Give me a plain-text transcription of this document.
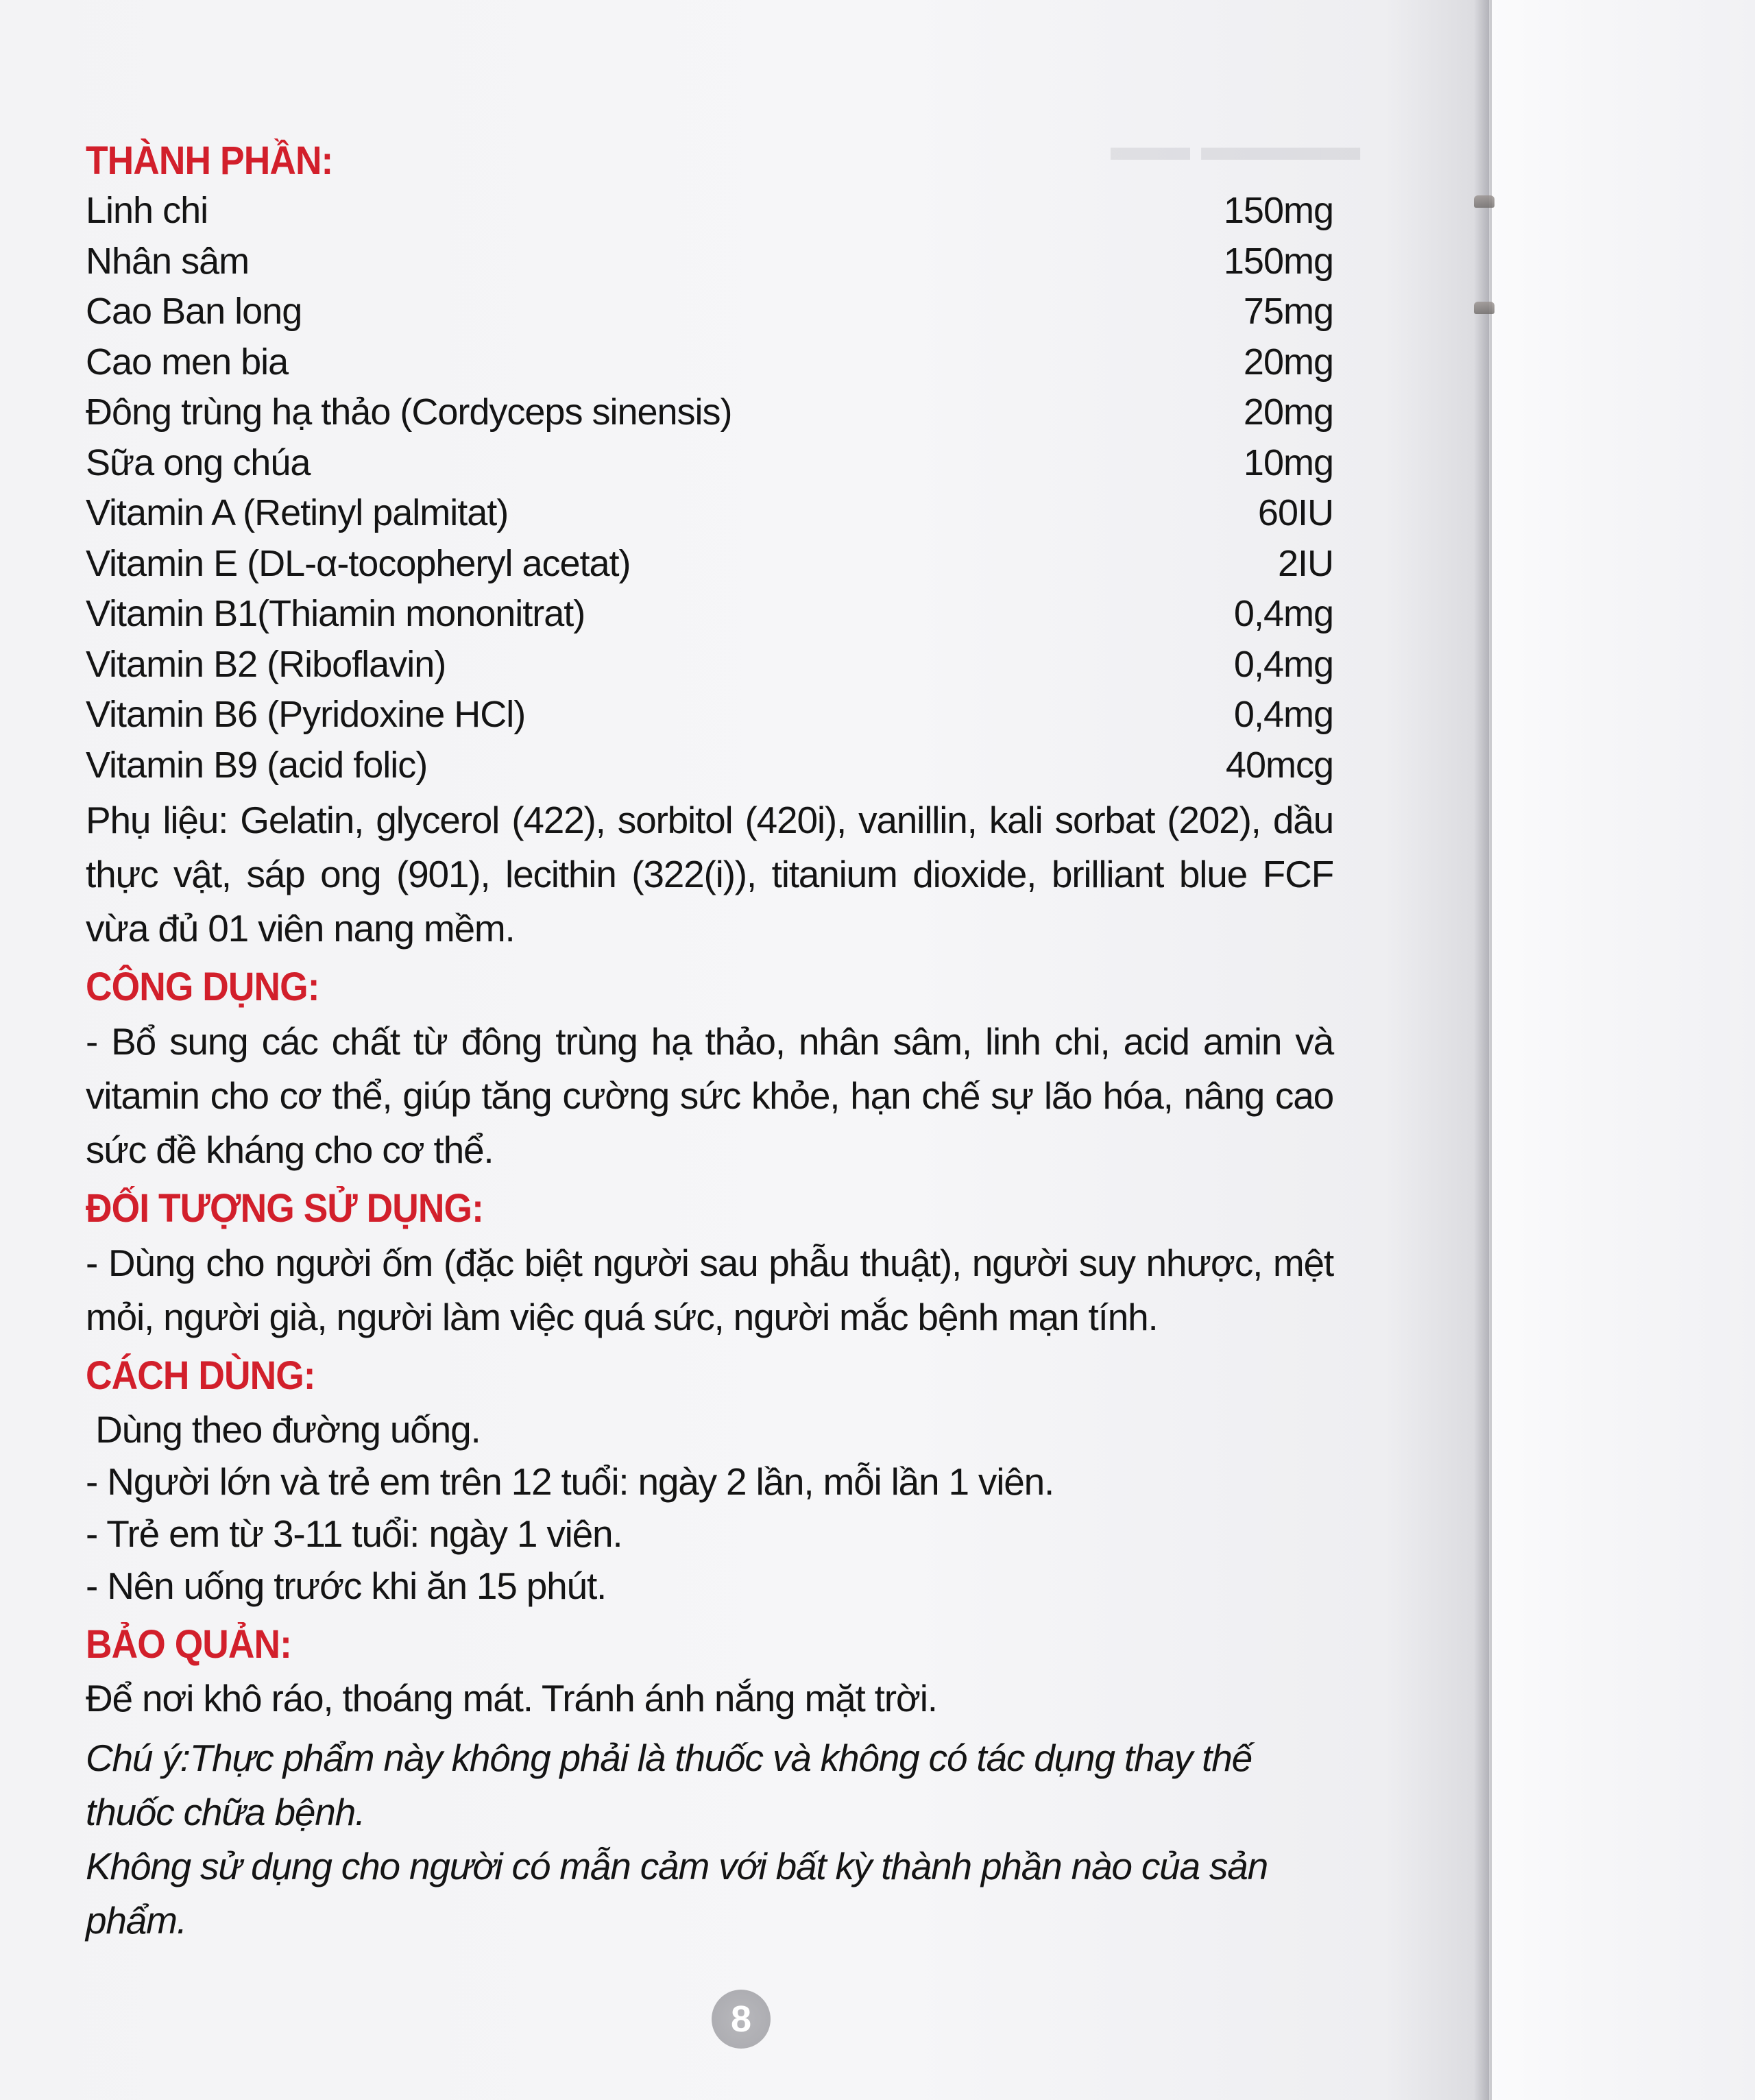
THÀNH PHẦN:
Linh chi	150mg
Nhân sâm	150mg
Cao Ban long	75mg
Cao men bia	20mg
Đông trùng hạ thảo (Cordyceps sinensis)	20mg
Sữa ong chúa	10mg
Vitamin A (Retinyl palmitat)	60IU
Vitamin E (DL-α-tocopheryl acetat)	2IU
Vitamin B1(Thiamin mononitrat)	0,4mg
Vitamin B2 (Riboflavin)	0,4mg
Vitamin B6 (Pyridoxine HCl)	0,4mg
Vitamin B9 (acid folic)	40mcg

Phụ liệu: Gelatin, glycerol (422), sorbitol (420i), vanillin, kali sorbat (202), dầu thực vật, sáp ong (901), lecithin (322(i)), titanium dioxide, brilliant blue FCF vừa đủ 01 viên nang mềm.

CÔNG DỤNG:

- Bổ sung các chất từ đông trùng hạ thảo, nhân sâm, linh chi, acid amin và vitamin cho cơ thể, giúp tăng cường sức khỏe, hạn chế sự lão hóa, nâng cao sức đề kháng cho cơ thể.

ĐỐI TƯỢNG SỬ DỤNG:

- Dùng cho người ốm (đặc biệt người sau phẫu thuật), người suy nhược, mệt mỏi, người già, người làm việc quá sức, người mắc bệnh mạn tính.

CÁCH DÙNG:

Dùng theo đường uống.

- Người lớn và trẻ em trên 12 tuổi: ngày 2 lần, mỗi lần 1 viên.

- Trẻ em từ 3-11 tuổi: ngày 1 viên.

- Nên uống trước khi ăn 15 phút.

BẢO QUẢN:

Để nơi khô ráo, thoáng mát. Tránh ánh nắng mặt trời.

Chú ý:Thực phẩm này không phải là thuốc và không có tác dụng thay thế thuốc chữa bệnh.

Không sử dụng cho người có mẫn cảm với bất kỳ thành phần nào của sản phẩm.

8
